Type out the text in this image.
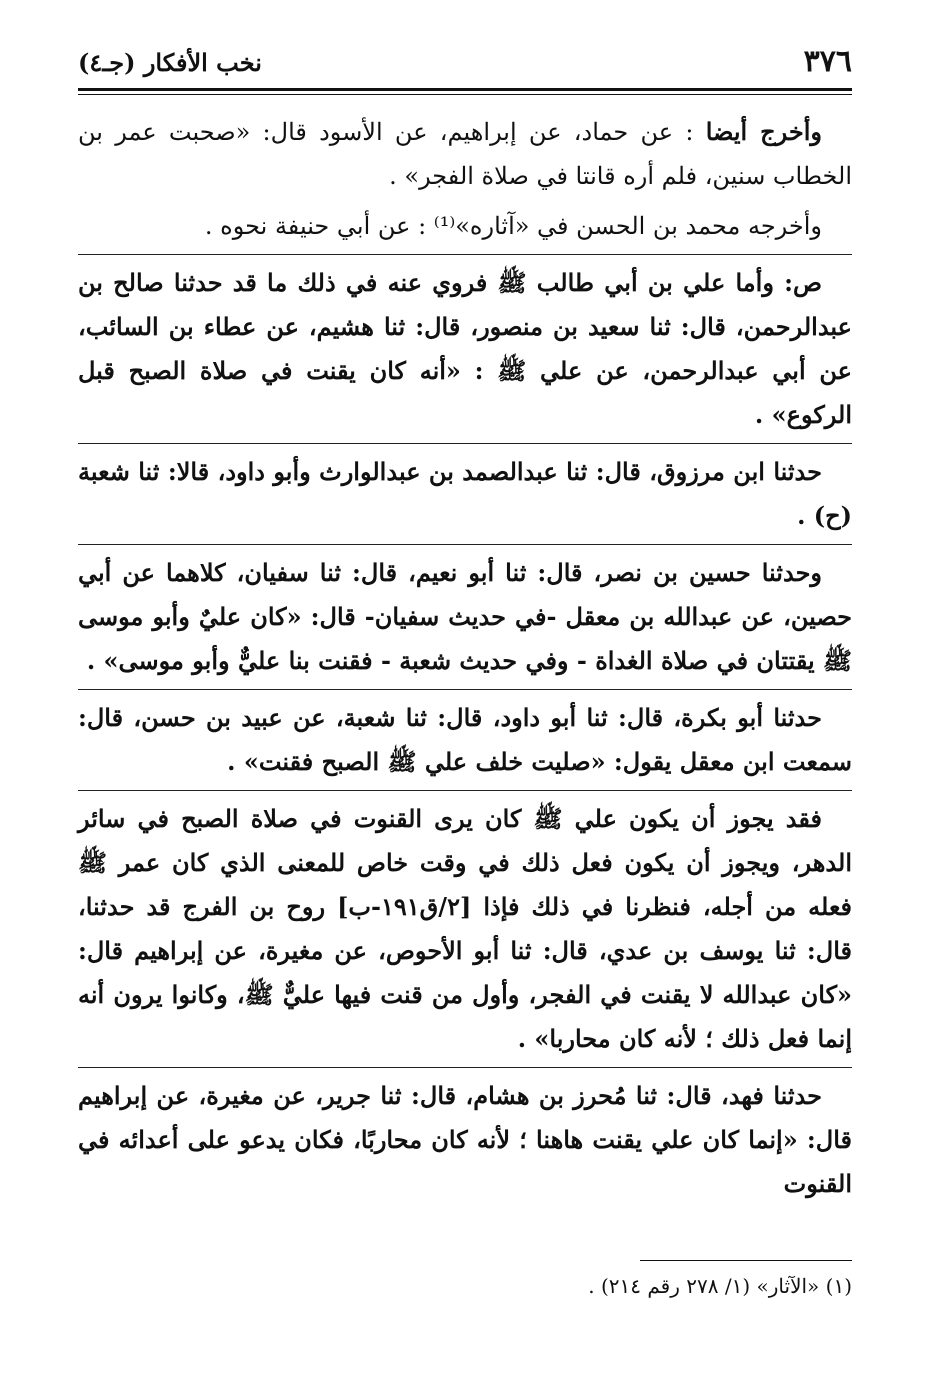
٣٧٦
نخب الأفكار (جـ٤)

وأخرج أيضا : عن حماد، عن إبراهيم، عن الأسود قال: «صحبت عمر بن الخطاب سنين، فلم أره قانتا في صلاة الفجر» .

وأخرجه محمد بن الحسن في «آثاره»⁽¹⁾ : عن أبي حنيفة نحوه .

ص: وأما علي بن أبي طالب ﷺ فروي عنه في ذلك ما قد حدثنا صالح بن عبدالرحمن، قال: ثنا سعيد بن منصور، قال: ثنا هشيم، عن عطاء بن السائب، عن أبي عبدالرحمن، عن علي ﷺ : «أنه كان يقنت في صلاة الصبح قبل الركوع» .

حدثنا ابن مرزوق، قال: ثنا عبدالصمد بن عبدالوارث وأبو داود، قالا: ثنا شعبة (ح) .

وحدثنا حسين بن نصر، قال: ثنا أبو نعيم، قال: ثنا سفيان، كلاهما عن أبي حصين، عن عبدالله بن معقل -في حديث سفيان- قال: «كان عليٌ وأبو موسى ﷺ يقتتان في صلاة الغداة - وفي حديث شعبة - فقنت بنا عليٌّ وأبو موسى» .

حدثنا أبو بكرة، قال: ثنا أبو داود، قال: ثنا شعبة، عن عبيد بن حسن، قال: سمعت ابن معقل يقول: «صليت خلف علي ﷺ الصبح فقنت» .

فقد يجوز أن يكون علي ﷺ كان يرى القنوت في صلاة الصبح في سائر الدهر، ويجوز أن يكون فعل ذلك في وقت خاص للمعنى الذي كان عمر ﷺ فعله من أجله، فنظرنا في ذلك فإذا [٢/ق١٩١-ب] روح بن الفرج قد حدثنا، قال: ثنا يوسف بن عدي، قال: ثنا أبو الأحوص، عن مغيرة، عن إبراهيم قال: «كان عبدالله لا يقنت في الفجر، وأول من قنت فيها عليٌّ ﷺ، وكانوا يرون أنه إنما فعل ذلك ؛ لأنه كان محاربا» .

حدثنا فهد، قال: ثنا مُحرز بن هشام، قال: ثنا جرير، عن مغيرة، عن إبراهيم قال: «إنما كان علي يقنت هاهنا ؛ لأنه كان محاربًا، فكان يدعو على أعدائه في القنوت

(١) «الآثار» (١/ ٢٧٨ رقم ٢١٤) .
